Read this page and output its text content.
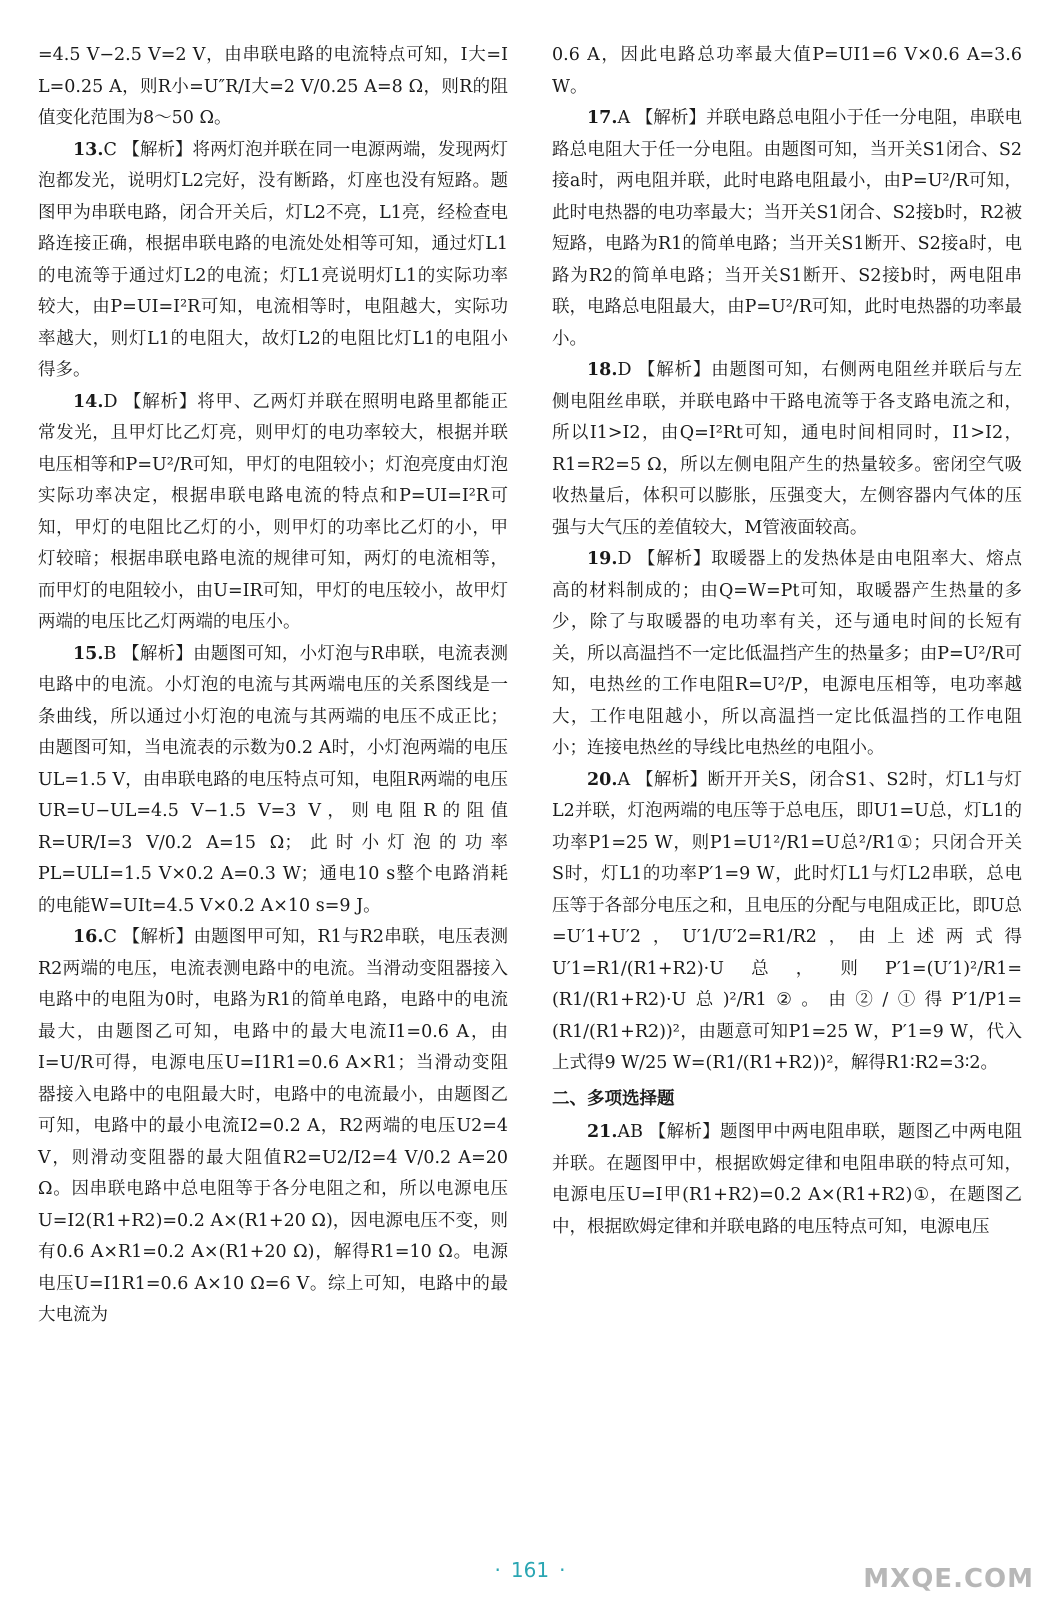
=4.5 V−2.5 V=2 V，由串联电路的电流特点可知，I大=I L=0.25 A，则R小=U″R/I大=2 V/0.25 A=8 Ω，则R的阻值变化范围为8～50 Ω。

13.C 【解析】将两灯泡并联在同一电源两端，发现两灯泡都发光，说明灯L2完好，没有断路，灯座也没有短路。题图甲为串联电路，闭合开关后，灯L2不亮，L1亮，经检查电路连接正确，根据串联电路的电流处处相等可知，通过灯L1的电流等于通过灯L2的电流；灯L1亮说明灯L1的实际功率较大，由P=UI=I²R可知，电流相等时，电阻越大，实际功率越大，则灯L1的电阻大，故灯L2的电阻比灯L1的电阻小得多。

14.D 【解析】将甲、乙两灯并联在照明电路里都能正常发光，且甲灯比乙灯亮，则甲灯的电功率较大，根据并联电压相等和P=U²/R可知，甲灯的电阻较小；灯泡亮度由灯泡实际功率决定，根据串联电路电流的特点和P=UI=I²R可知，甲灯的电阻比乙灯的小，则甲灯的功率比乙灯的小，甲灯较暗；根据串联电路电流的规律可知，两灯的电流相等，而甲灯的电阻较小，由U=IR可知，甲灯的电压较小，故甲灯两端的电压比乙灯两端的电压小。

15.B 【解析】由题图可知，小灯泡与R串联，电流表测电路中的电流。小灯泡的电流与其两端电压的关系图线是一条曲线，所以通过小灯泡的电流与其两端的电压不成正比；由题图可知，当电流表的示数为0.2 A时，小灯泡两端的电压UL=1.5 V，由串联电路的电压特点可知，电阻R两端的电压UR=U−UL=4.5 V−1.5 V=3 V，则电阻R的阻值R=UR/I=3 V/0.2 A=15 Ω；此时小灯泡的功率PL=ULI=1.5 V×0.2 A=0.3 W；通电10 s整个电路消耗的电能W=UIt=4.5 V×0.2 A×10 s=9 J。

16.C 【解析】由题图甲可知，R1与R2串联，电压表测R2两端的电压，电流表测电路中的电流。当滑动变阻器接入电路中的电阻为0时，电路为R1的简单电路，电路中的电流最大，由题图乙可知，电路中的最大电流I1=0.6 A，由I=U/R可得，电源电压U=I1R1=0.6 A×R1；当滑动变阻器接入电路中的电阻最大时，电路中的电流最小，由题图乙可知，电路中的最小电流I2=0.2 A，R2两端的电压U2=4 V，则滑动变阻器的最大阻值R2=U2/I2=4 V/0.2 A=20 Ω。因串联电路中总电阻等于各分电阻之和，所以电源电压U=I2(R1+R2)=0.2 A×(R1+20 Ω)，因电源电压不变，则有0.6 A×R1=0.2 A×(R1+20 Ω)，解得R1=10 Ω。电源电压U=I1R1=0.6 A×10 Ω=6 V。综上可知，电路中的最大电流为

0.6 A，因此电路总功率最大值P=UI1=6 V×0.6 A=3.6 W。

17.A 【解析】并联电路总电阻小于任一分电阻，串联电路总电阻大于任一分电阻。由题图可知，当开关S1闭合、S2接a时，两电阻并联，此时电路电阻最小，由P=U²/R可知，此时电热器的电功率最大；当开关S1闭合、S2接b时，R2被短路，电路为R1的简单电路；当开关S1断开、S2接a时，电路为R2的简单电路；当开关S1断开、S2接b时，两电阻串联，电路总电阻最大，由P=U²/R可知，此时电热器的功率最小。

18.D 【解析】由题图可知，右侧两电阻丝并联后与左侧电阻丝串联，并联电路中干路电流等于各支路电流之和，所以I1>I2，由Q=I²Rt可知，通电时间相同时，I1>I2，R1=R2=5 Ω，所以左侧电阻产生的热量较多。密闭空气吸收热量后，体积可以膨胀，压强变大，左侧容器内气体的压强与大气压的差值较大，M管液面较高。

19.D 【解析】取暖器上的发热体是由电阻率大、熔点高的材料制成的；由Q=W=Pt可知，取暖器产生热量的多少，除了与取暖器的电功率有关，还与通电时间的长短有关，所以高温挡不一定比低温挡产生的热量多；由P=U²/R可知，电热丝的工作电阻R=U²/P，电源电压相等，电功率越大，工作电阻越小，所以高温挡一定比低温挡的工作电阻小；连接电热丝的导线比电热丝的电阻小。

20.A 【解析】断开开关S，闭合S1、S2时，灯L1与灯L2并联，灯泡两端的电压等于总电压，即U1=U总，灯L1的功率P1=25 W，则P1=U1²/R1=U总²/R1①；只闭合开关S时，灯L1的功率P′1=9 W，此时灯L1与灯L2串联，总电压等于各部分电压之和，且电压的分配与电阻成正比，即U总=U′1+U′2，U′1/U′2=R1/R2，由上述两式得U′1=R1/(R1+R2)·U总，则P′1=(U′1)²/R1=(R1/(R1+R2)·U总)²/R1②。由②/①得P′1/P1=(R1/(R1+R2))²，由题意可知P1=25 W，P′1=9 W，代入上式得9 W/25 W=(R1/(R1+R2))²，解得R1∶R2=3∶2。

二、多项选择题

21.AB 【解析】题图甲中两电阻串联，题图乙中两电阻并联。在题图甲中，根据欧姆定律和电阻串联的特点可知，电源电压U=I甲(R1+R2)=0.2 A×(R1+R2)①，在题图乙中，根据欧姆定律和并联电路的电压特点可知，电源电压

· 161 ·	MXQE.COM
